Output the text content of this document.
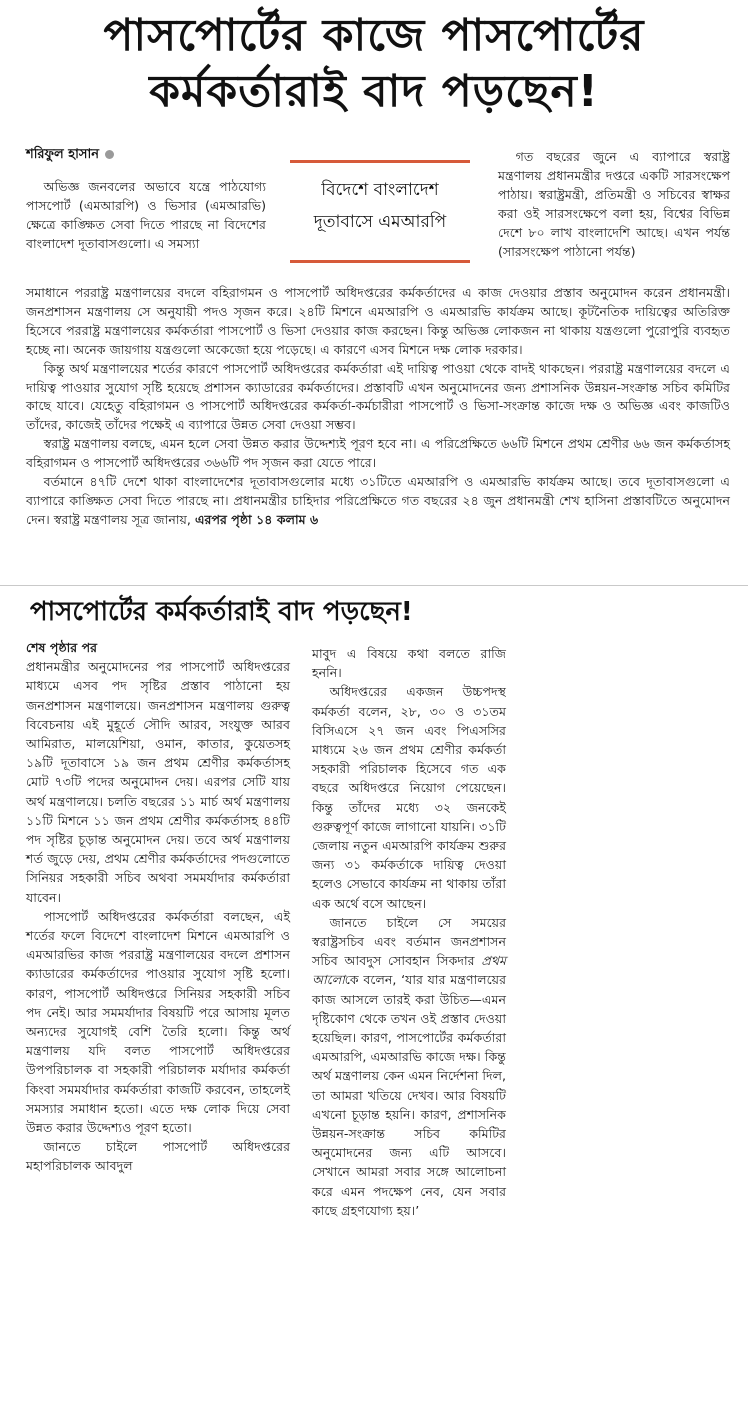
পাসপোর্টের কাজে পাসপোর্টের
কর্মকর্তারাই বাদ পড়ছেন!
শরিফুল হাসান

অভিজ্ঞ জনবলের অভাবে যন্ত্রে পাঠযোগ্য পাসপোর্ট (এমআরপি) ও ভিসার (এমআরভি) ক্ষেত্রে কাঙ্ক্ষিত সেবা দিতে পারছে না বিদেশের বাংলাদেশ দূতাবাসগুলো। এ সমস্যা

বিদেশে বাংলাদেশ
দূতাবাসে এমআরপি

গত বছরের জুনে এ ব্যাপারে স্বরাষ্ট্র মন্ত্রণালয় প্রধানমন্ত্রীর দপ্তরে একটি সারসংক্ষেপ পাঠায়। স্বরাষ্ট্রমন্ত্রী, প্রতিমন্ত্রী ও সচিবের স্বাক্ষর করা ওই সারসংক্ষেপে বলা হয়, বিশ্বের বিভিন্ন দেশে ৮০ লাখ বাংলাদেশি আছে। এখন পর্যন্ত (সারসংক্ষেপ পাঠানো পর্যন্ত)

সমাধানে পররাষ্ট্র মন্ত্রণালয়ের বদলে বহিরাগমন ও পাসপোর্ট অধিদপ্তরের কর্মকর্তাদের এ কাজ দেওয়ার প্রস্তাব অনুমোদন করেন প্রধানমন্ত্রী। জনপ্রশাসন মন্ত্রণালয় সে অনুযায়ী পদও সৃজন করে। ২৪টি মিশনে এমআরপি ও এমআরভি কার্যক্রম আছে। কূটনৈতিক দায়িত্বের অতিরিক্ত হিসেবে পররাষ্ট্র মন্ত্রণালয়ের কর্মকর্তারা পাসপোর্ট ও ভিসা দেওয়ার কাজ করছেন। কিন্তু অভিজ্ঞ লোকজন না থাকায় যন্ত্রগুলো পুরোপুরি ব্যবহৃত হচ্ছে না। অনেক জায়গায় যন্ত্রগুলো অকেজো হয়ে পড়েছে। এ কারণে এসব মিশনে দক্ষ লোক দরকার।

কিন্তু অর্থ মন্ত্রণালয়ের শর্তের কারণে পাসপোর্ট অধিদপ্তরের কর্মকর্তারা এই দায়িত্ব পাওয়া থেকে বাদই থাকছেন। পররাষ্ট্র মন্ত্রণালয়ের বদলে এ দায়িত্ব পাওয়ার সুযোগ সৃষ্টি হয়েছে প্রশাসন ক্যাডারের কর্মকর্তাদের। প্রস্তাবটি এখন অনুমোদনের জন্য প্রশাসনিক উন্নয়ন-সংক্রান্ত সচিব কমিটির কাছে যাবে। যেহেতু বহিরাগমন ও পাসপোর্ট অধিদপ্তরের কর্মকর্তা-কর্মচারীরা পাসপোর্ট ও ভিসা-সংক্রান্ত কাজে দক্ষ ও অভিজ্ঞ এবং কাজটিও তাঁদের, কাজেই তাঁদের পক্ষেই এ ব্যাপারে উন্নত সেবা দেওয়া সম্ভব।

স্বরাষ্ট্র মন্ত্রণালয় বলছে, এমন হলে সেবা উন্নত করার উদ্দেশ্যই পূরণ হবে না। এ পরিপ্রেক্ষিতে ৬৬টি মিশনে প্রথম শ্রেণীর ৬৬ জন কর্মকর্তাসহ বহিরাগমন ও পাসপোর্ট অধিদপ্তরের ৩৬৬টি পদ সৃজন করা যেতে পারে।

বর্তমানে ৪৭টি দেশে থাকা বাংলাদেশের দূতাবাসগুলোর মধ্যে ৩১টিতে এমআরপি ও এমআরভি কার্যক্রম আছে। তবে দূতাবাসগুলো এ ব্যাপারে কাঙ্ক্ষিত সেবা দিতে পারছে না। প্রধানমন্ত্রীর চাহিদার পরিপ্রেক্ষিতে গত বছরের ২৪ জুন প্রধানমন্ত্রী শেখ হাসিনা প্রস্তাবটিতে অনুমোদন দেন। স্বরাষ্ট্র মন্ত্রণালয় সূত্র জানায়, এরপর পৃষ্ঠা ১৪ কলাম ৬

পাসপোর্টের কর্মকর্তারাই বাদ পড়ছেন!

শেষ পৃষ্ঠার পর
প্রধানমন্ত্রীর অনুমোদনের পর পাসপোর্ট অধিদপ্তরের মাধ্যমে এসব পদ সৃষ্টির প্রস্তাব পাঠানো হয় জনপ্রশাসন মন্ত্রণালয়ে। জনপ্রশাসন মন্ত্রণালয় গুরুত্ব বিবেচনায় এই মুহূর্তে সৌদি আরব, সংযুক্ত আরব আমিরাত, মালয়েশিয়া, ওমান, কাতার, কুয়েতসহ ১৯টি দূতাবাসে ১৯ জন প্রথম শ্রেণীর কর্মকর্তাসহ মোট ৭৩টি পদের অনুমোদন দেয়। এরপর সেটি যায় অর্থ মন্ত্রণালয়ে। চলতি বছরের ১১ মার্চ অর্থ মন্ত্রণালয় ১১টি মিশনে ১১ জন প্রথম শ্রেণীর কর্মকর্তাসহ ৪৪টি পদ সৃষ্টির চূড়ান্ত অনুমোদন দেয়। তবে অর্থ মন্ত্রণালয় শর্ত জুড়ে দেয়, প্রথম শ্রেণীর কর্মকর্তাদের পদগুলোতে সিনিয়র সহকারী সচিব অথবা সমমর্যাদার কর্মকর্তারা যাবেন।

পাসপোর্ট অধিদপ্তরের কর্মকর্তারা বলছেন, এই শর্তের ফলে বিদেশে বাংলাদেশ মিশনে এমআরপি ও এমআরভির কাজ পররাষ্ট্র মন্ত্রণালয়ের বদলে প্রশাসন ক্যাডারের কর্মকর্তাদের পাওয়ার সুযোগ সৃষ্টি হলো। কারণ, পাসপোর্ট অধিদপ্তরে সিনিয়র সহকারী সচিব পদ নেই। আর সমমর্যাদার বিষয়টি পরে আসায় মূলত অন্যদের সুযোগই বেশি তৈরি হলো। কিন্তু অর্থ মন্ত্রণালয় যদি বলত পাসপোর্ট অধিদপ্তরের উপপরিচালক বা সহকারী পরিচালক মর্যাদার কর্মকর্তা কিংবা সমমর্যাদার কর্মকর্তারা কাজটি করবেন, তাহলেই সমস্যার সমাধান হতো। এতে দক্ষ লোক দিয়ে সেবা উন্নত করার উদ্দেশ্যও পূরণ হতো।

জানতে চাইলে পাসপোর্ট অধিদপ্তরের মহাপরিচালক আবদুল

মাবুদ এ বিষয়ে কথা বলতে রাজি হননি।

অধিদপ্তরের একজন উচ্চপদস্থ কর্মকর্তা বলেন, ২৮, ৩০ ও ৩১তম বিসিএসে ২৭ জন এবং পিএসসির মাধ্যমে ২৬ জন প্রথম শ্রেণীর কর্মকর্তা সহকারী পরিচালক হিসেবে গত এক বছরে অধিদপ্তরে নিয়োগ পেয়েছেন। কিন্তু তাঁদের মধ্যে ৩২ জনকেই গুরুত্বপূর্ণ কাজে লাগানো যায়নি। ৩১টি জেলায় নতুন এমআরপি কার্যক্রম শুরুর জন্য ৩১ কর্মকর্তাকে দায়িত্ব দেওয়া হলেও সেভাবে কার্যক্রম না থাকায় তাঁরা এক অর্থে বসে আছেন।

জানতে চাইলে সে সময়ের স্বরাষ্ট্রসচিব এবং বর্তমান জনপ্রশাসন সচিব আবদুস সোবহান সিকদার প্রথম আলোকে বলেন, ‘যার যার মন্ত্রণালয়ের কাজ আসলে তারই করা উচিত—এমন দৃষ্টিকোণ থেকে তখন ওই প্রস্তাব দেওয়া হয়েছিল। কারণ, পাসপোর্টের কর্মকর্তারা এমআরপি, এমআরভি কাজে দক্ষ। কিন্তু অর্থ মন্ত্রণালয় কেন এমন নির্দেশনা দিল, তা আমরা খতিয়ে দেখব। আর বিষয়টি এখনো চূড়ান্ত হয়নি। কারণ, প্রশাসনিক উন্নয়ন-সংক্রান্ত সচিব কমিটির অনুমোদনের জন্য এটি আসবে। সেখানে আমরা সবার সঙ্গে আলোচনা করে এমন পদক্ষেপ নেব, যেন সবার কাছে গ্রহণযোগ্য হয়।’
